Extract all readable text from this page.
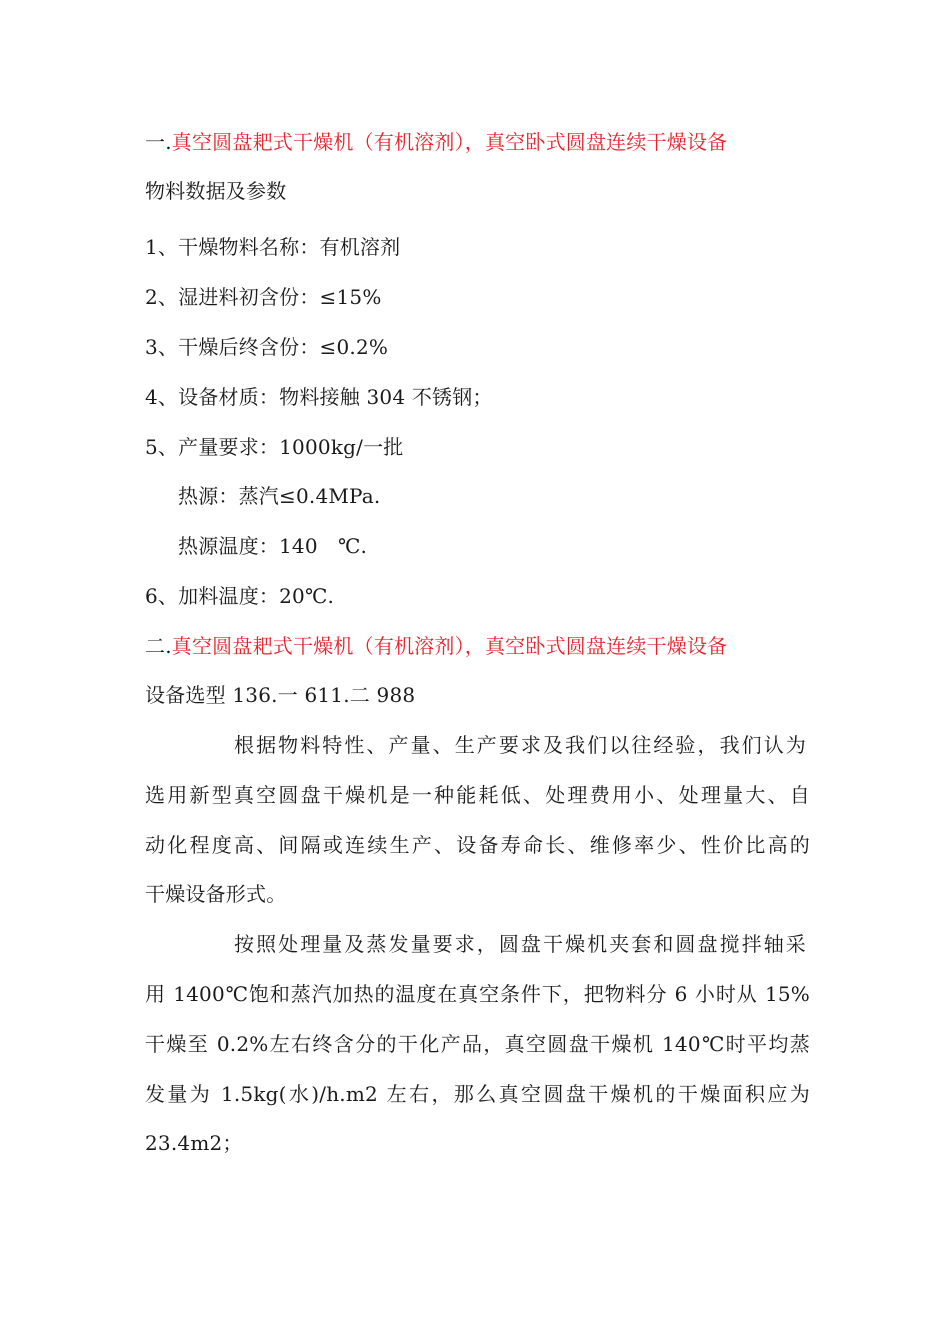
一.真空圆盘耙式干燥机（有机溶剂），真空卧式圆盘连续干燥设备
物料数据及参数
1、干燥物料名称：有机溶剂
2、湿进料初含份：≤15%
3、干燥后终含份：≤0.2%
4、设备材质：物料接触 304 不锈钢；
5、产量要求：1000kg/一批
热源：蒸汽≤0.4MPa.
热源温度：140　℃.
6、加料温度：20℃.
二.真空圆盘耙式干燥机（有机溶剂），真空卧式圆盘连续干燥设备
设备选型 136.一 611.二 988
根据物料特性、产量、生产要求及我们以往经验，我们认为
选用新型真空圆盘干燥机是一种能耗低、处理费用小、处理量大、自
动化程度高、间隔或连续生产、设备寿命长、维修率少、性价比高的
干燥设备形式。
按照处理量及蒸发量要求，圆盘干燥机夹套和圆盘搅拌轴采
用 1400℃饱和蒸汽加热的温度在真空条件下，把物料分 6 小时从 15%
干燥至 0.2%左右终含分的干化产品，真空圆盘干燥机 140℃时平均蒸
发量为 1.5kg(水)/h.m2 左右，那么真空圆盘干燥机的干燥面积应为
23.4m2；
